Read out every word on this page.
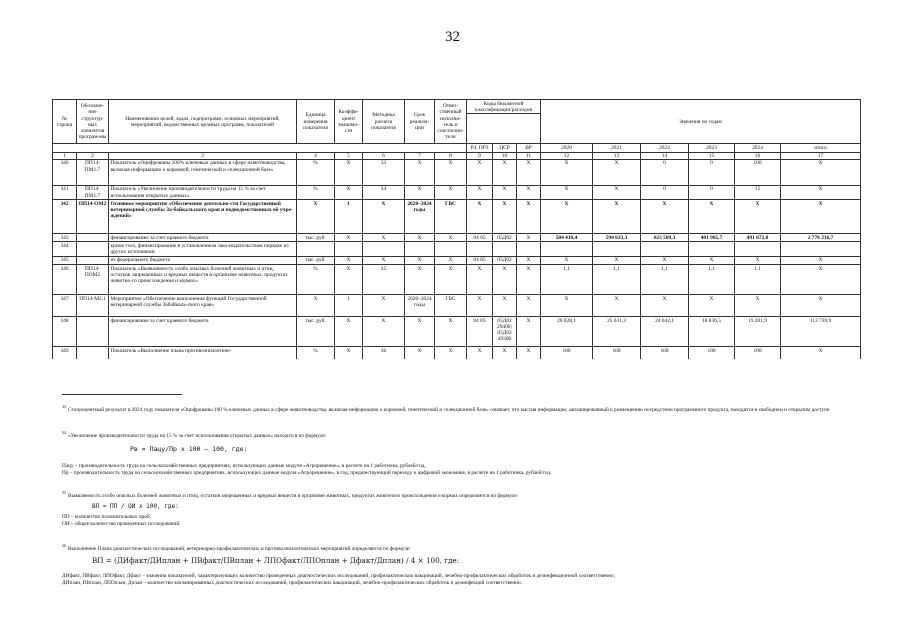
32
№ строки	Обозначе-ние структур-ных элементов програм-мы	Наименования целей, задач, подпрограмм, основных мероприятий, мероприятий, ведомственных целевых программ, показателей	Единица измерения показателя	Коэффи-циент значимо-сти	Методика расчета показателя	Срок реализа-ции	Ответ-ственный исполни-тель и соисполни-тели	Коды бюджетной классификации расходов			Значения по годам					

								РЗ, ПРЗ	ЦСР	ВР	2020	2021	2022	2023	2024	итого
1	2	3	4	5	6	7	8	9	10	11	12	13	14	15	16	17
340	ПП14-ПМ1.7	Показатель «Оцифрованы 100% ключевых данных в сфере животноводства, включая информацию о кормовой, генетической и селекционной базе»	%	X	33	X	X	X	X	X	X	X	0	0	100	X
341	ПП14-ПМ1.7	Показатель «Увеличение производительности труда на 15 % за счет использования открытых данных»	%	X	34	X	X	X	X	X	X	X	0	0	15	X
342	ПП14-ОМ2	Основное мероприятие «Обеспечение деятельно-сти Государственной ветеринарной службы За-байкальского края и подведомственных ей учре-ждений»	X	1	X	2020–2024 годы	ГВС	X	X	X	X	X	X	X	X	X
343		финансирование за счет краевого бюджета	тыс. руб.	X	X	X	X	04 05	05Д02	X	584 416,4	594 633,3	623 509,3	481 985,7	491 672,0	2 776 216,7
344		кроме того, финансирование в установленном зако-нодательством порядке из других источников:														
345		из федерального бюджета	тыс. руб.	X	X	X	X	04 05	05Д02	X	X	X	X	X	X	X
346	ПП14-ПОМ2	Показатель «Выявляемость особо опасных болезней животных и птиц, остатков запрещенных и вредных веществ в организме животных, продуктах животно-го происхождения и кормах»	%	X	35	X	X	X	X	X	1,1	1,1	1,1	1,1	1,1	X
347	ПП14-М2.1	Мероприятие «Обеспечение выполнения функций Государственной ветеринарной службы Забайкаль-ского края»	X	1	X	2020–2024 годы	ГВС	X	X	X	X	X	X	X	X	X
348		финансирование за счет краевого бюджета	тыс. руб.	X	X	X	X	04 05	05Д02 29400; 05Д02 49300	X	26 028,1	25 631,3	24 042,1	18 836,5	19 201,9	113 739,9
349		Показатель «Выполнение плана противоэпизоотиче-	%	X	36	X	X	X	X	X	100	100	100	100	100	X
$^{33}$Стопроцентный результат в 2024 году показателя «Оцифрованы 100 % ключевых данных в сфере животноводства, включая информацию о кормовой, генетической и селекционной базе» означает, что массив информации, запланированный к размещению посредством программного продукта, находится в свободном и открытом доступе.
$^{34}$«Увеличение производительности труда на 15 % за счет использования открытых данных» находится по формуле:
Рв = Пацу/Пр х 100 – 100, где:
Пацу – производительность труда на сельскохозяйственных предприятиях, использующих данные модуля «Агрорешение», в расчете на 1 работника, рублей/год,
Пр – производительность труда на сельскохозяйственных предприятиях, использующих данные модуля «Агрорешение», в год, предшествующий переходу к цифровой экономике, в расчете на 1 работника, рублей/год.
$^{35}$Выявляемость особо опасных болезней животных и птиц, остатков запрещенных и вредных веществ в организме животных, продуктах животного происхождения и кормах определяется по формуле:
ВЛ = ПП / ОИ х 100, где:
ПП – количество положительных проб;
ОИ – общее количество проведенных исследований.
$^{36}$Выполнение Плана диагностических исследований, ветеринарно-профилактических и противоэпизоотических мероприятий определяется по формуле:
ВП = (ДИфакт/ДИплан + ПВфакт/ПВплан + ЛПОфакт/ЛПОплан + Дфакт/Дплан) / 4 × 100, где:
ДИфакт, ПВфакт, ЛПОфакт, Дфакт – значения показателей, характеризующих количество проведенных диагностических исследований, профилактических вакцинаций, лечебно-профилактических обработок и дезинфекционной соответственно;
ДИплан, ПВплан, ЛПОплан, Дплан – количество запланированных диагностических исследований, профилактических вакцинаций, лечебно-профилактических обработок и дезинфекций соответственно.
